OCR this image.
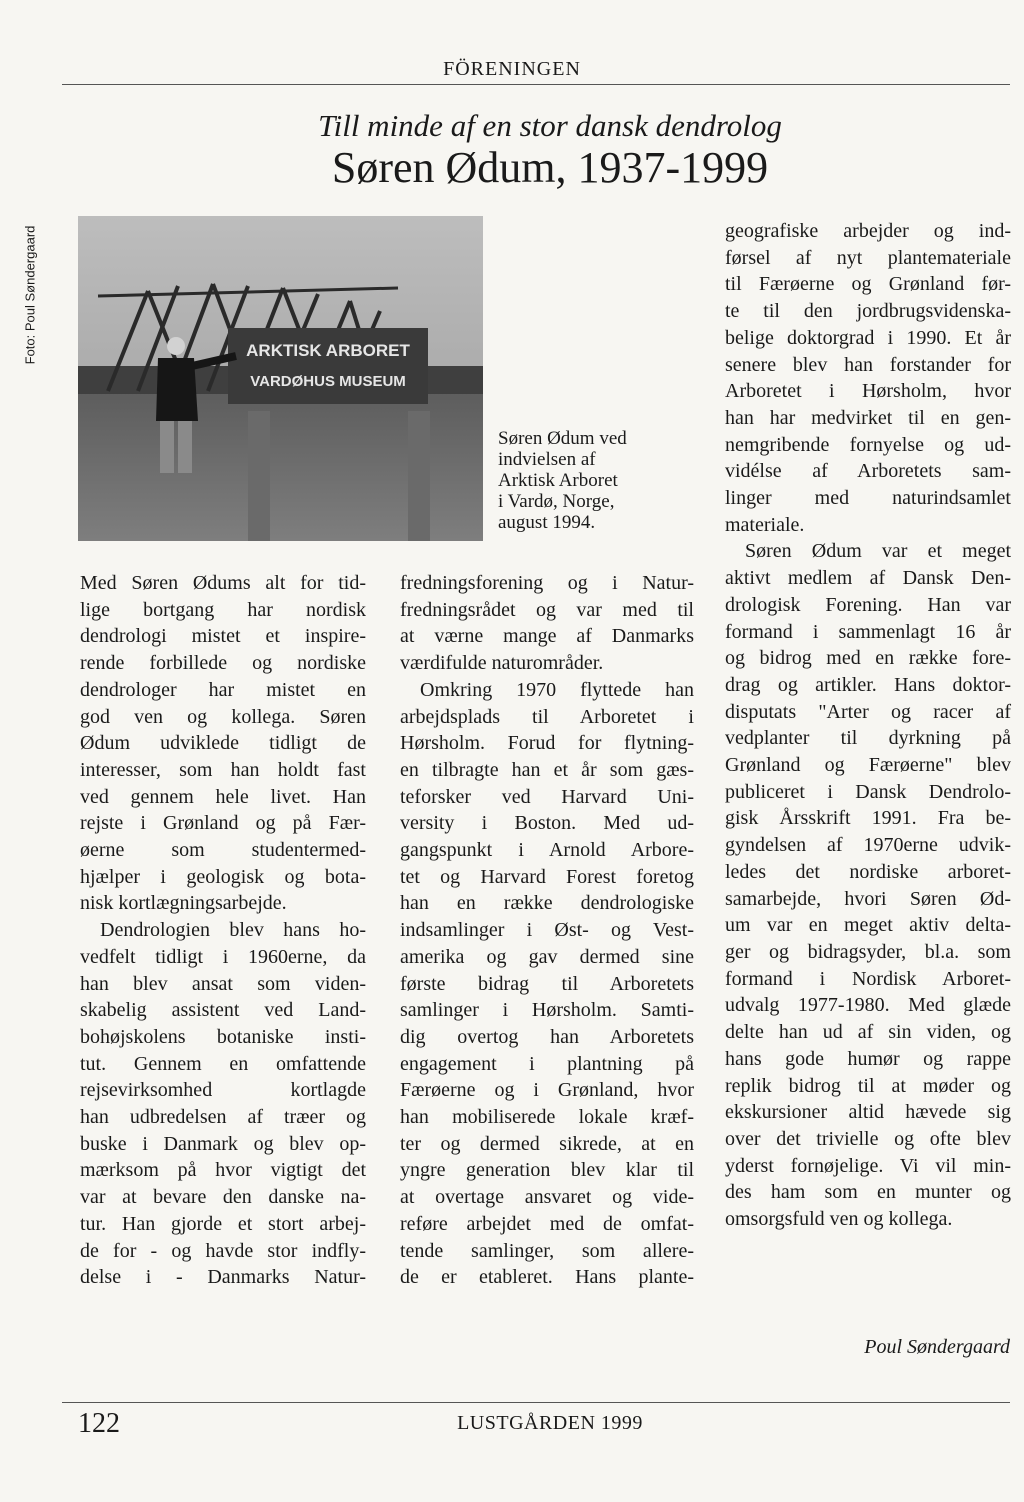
FÖRENINGEN
Till minde af en stor dansk dendrolog
Søren Ødum, 1937-1999
Foto: Poul Søndergaard	ARKTISK ARBORET
VARDØHUS MUSEUM
Søren Ødum ved
indvielsen af
Arktisk Arboret
i Vardø, Norge,
august 1994.
Med Søren Ødums alt for tid-
lige bortgang har nordisk
dendrologi mistet et inspire-
rende forbillede og nordiske
dendrologer har mistet en
god ven og kollega. Søren
Ødum udviklede tidligt de
interesser, som han holdt fast
ved gennem hele livet. Han
rejste i Grønland og på Fær-
øerne som studentermed-
hjælper i geologisk og bota-
nisk kortlægningsarbejde.
Dendrologien blev hans ho-
vedfelt tidligt i 1960erne, da
han blev ansat som viden-
skabelig assistent ved Land-
bohøjskolens botaniske insti-
tut. Gennem en omfattende
rejsevirksomhed kortlagde
han udbredelsen af træer og
buske i Danmark og blev op-
mærksom på hvor vigtigt det
var at bevare den danske na-
tur. Han gjorde et stort arbej-
de for - og havde stor indfly-
delse i - Danmarks Natur-
fredningsforening og i Natur-
fredningsrådet og var med til
at værne mange af Danmarks
værdifulde naturområder.
Omkring 1970 flyttede han
arbejdsplads til Arboretet i
Hørsholm. Forud for flytning-
en tilbragte han et år som gæs-
teforsker ved Harvard Uni-
versity i Boston. Med ud-
gangspunkt i Arnold Arbore-
tet og Harvard Forest foretog
han en række dendrologiske
indsamlinger i Øst- og Vest-
amerika og gav dermed sine
første bidrag til Arboretets
samlinger i Hørsholm. Samti-
dig overtog han Arboretets
engagement i plantning på
Færøerne og i Grønland, hvor
han mobiliserede lokale kræf-
ter og dermed sikrede, at en
yngre generation blev klar til
at overtage ansvaret og vide-
reføre arbejdet med de omfat-
tende samlinger, som allere-
de er etableret. Hans plante-
geografiske arbejder og ind-
førsel af nyt plantemateriale
til Færøerne og Grønland før-
te til den jordbrugsvidenska-
belige doktorgrad i 1990. Et år
senere blev han forstander for
Arboretet i Hørsholm, hvor
han har medvirket til en gen-
nemgribende fornyelse og ud-
vidélse af Arboretets sam-
linger med naturindsamlet
materiale.
Søren Ødum var et meget
aktivt medlem af Dansk Den-
drologisk Forening. Han var
formand i sammenlagt 16 år
og bidrog med en række fore-
drag og artikler. Hans doktor-
disputats "Arter og racer af
vedplanter til dyrkning på
Grønland og Færøerne" blev
publiceret i Dansk Dendrolo-
gisk Årsskrift 1991. Fra be-
gyndelsen af 1970erne udvik-
ledes det nordiske arboret-
samarbejde, hvori Søren Ød-
um var en meget aktiv delta-
ger og bidragsyder, bl.a. som
formand i Nordisk Arboret-
udvalg 1977-1980. Med glæde
delte han ud af sin viden, og
hans gode humør og rappe
replik bidrog til at møder og
ekskursioner altid hævede sig
over det trivielle og ofte blev
yderst fornøjelige. Vi vil min-
des ham som en munter og
omsorgsfuld ven og kollega.
Poul Søndergaard
122	LUSTGÅRDEN 1999
